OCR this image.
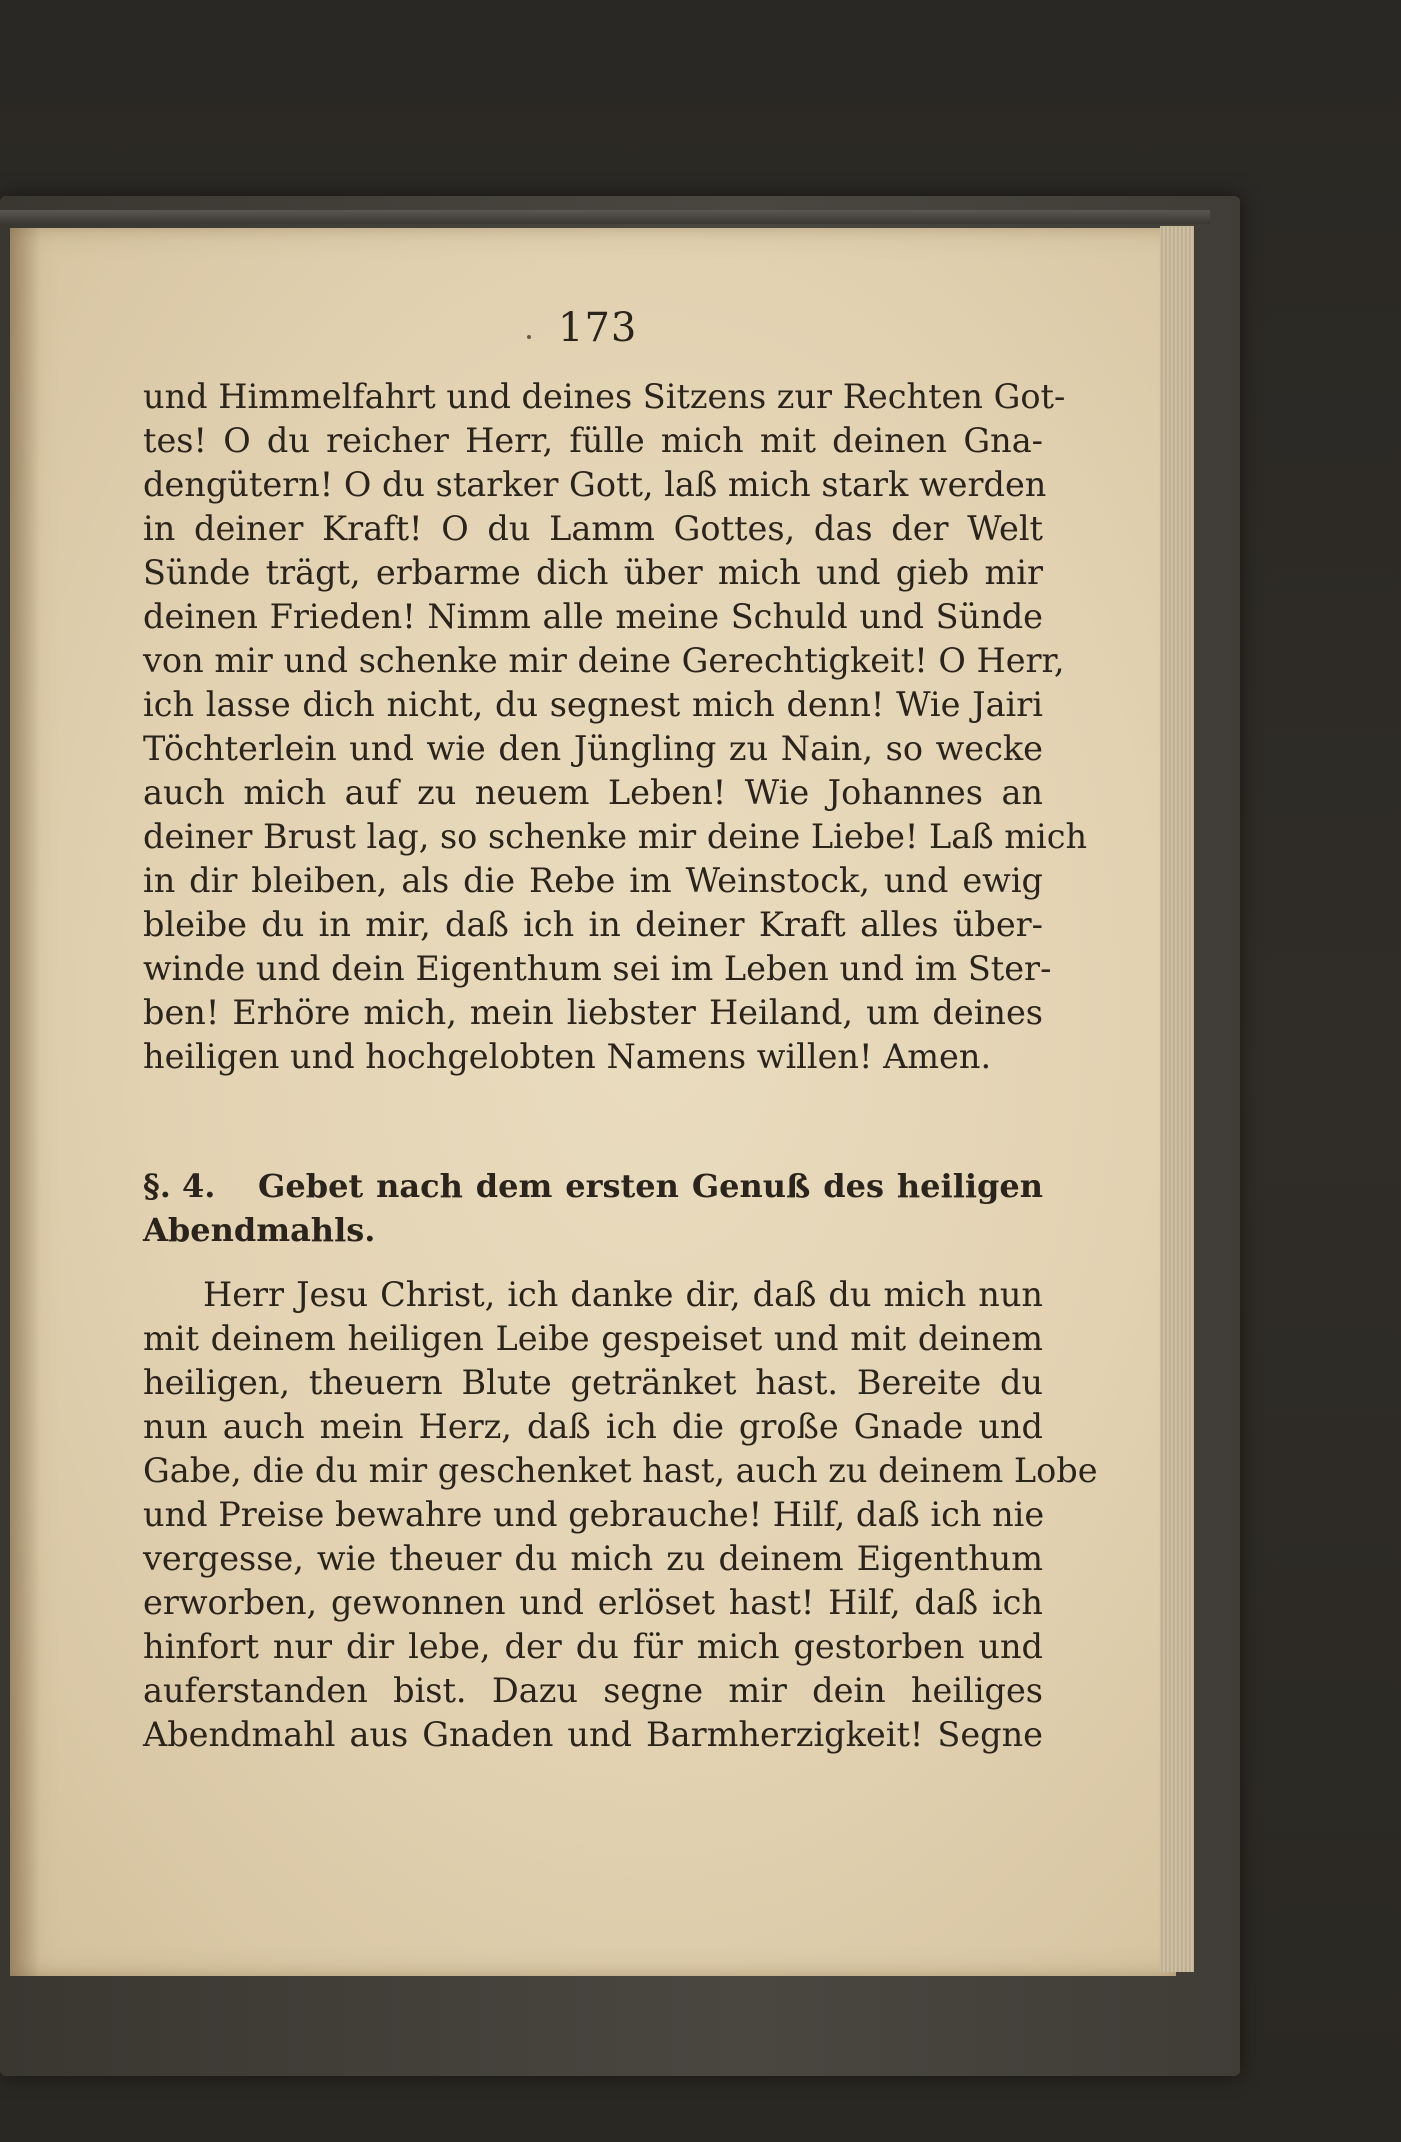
173
und Himmelfahrt und deines Sitzens zur Rechten Got-
tes! O du reicher Herr, fülle mich mit deinen Gna-
dengütern! O du starker Gott, laß mich stark werden
in deiner Kraft! O du Lamm Gottes, das der Welt
Sünde trägt, erbarme dich über mich und gieb mir
deinen Frieden! Nimm alle meine Schuld und Sünde
von mir und schenke mir deine Gerechtigkeit! O Herr,
ich lasse dich nicht, du segnest mich denn! Wie Jairi
Töchterlein und wie den Jüngling zu Nain, so wecke
auch mich auf zu neuem Leben! Wie Johannes an
deiner Brust lag, so schenke mir deine Liebe! Laß mich
in dir bleiben, als die Rebe im Weinstock, und ewig
bleibe du in mir, daß ich in deiner Kraft alles über-
winde und dein Eigenthum sei im Leben und im Ster-
ben! Erhöre mich, mein liebster Heiland, um deines
heiligen und hochgelobten Namens willen! Amen.
§. 4. Gebet nach dem ersten Genuß des heiligen
Abendmahls.
Herr Jesu Christ, ich danke dir, daß du mich nun
mit deinem heiligen Leibe gespeiset und mit deinem
heiligen, theuern Blute getränket hast. Bereite du
nun auch mein Herz, daß ich die große Gnade und
Gabe, die du mir geschenket hast, auch zu deinem Lobe
und Preise bewahre und gebrauche! Hilf, daß ich nie
vergesse, wie theuer du mich zu deinem Eigenthum
erworben, gewonnen und erlöset hast! Hilf, daß ich
hinfort nur dir lebe, der du für mich gestorben und
auferstanden bist. Dazu segne mir dein heiliges
Abendmahl aus Gnaden und Barmherzigkeit! Segne
